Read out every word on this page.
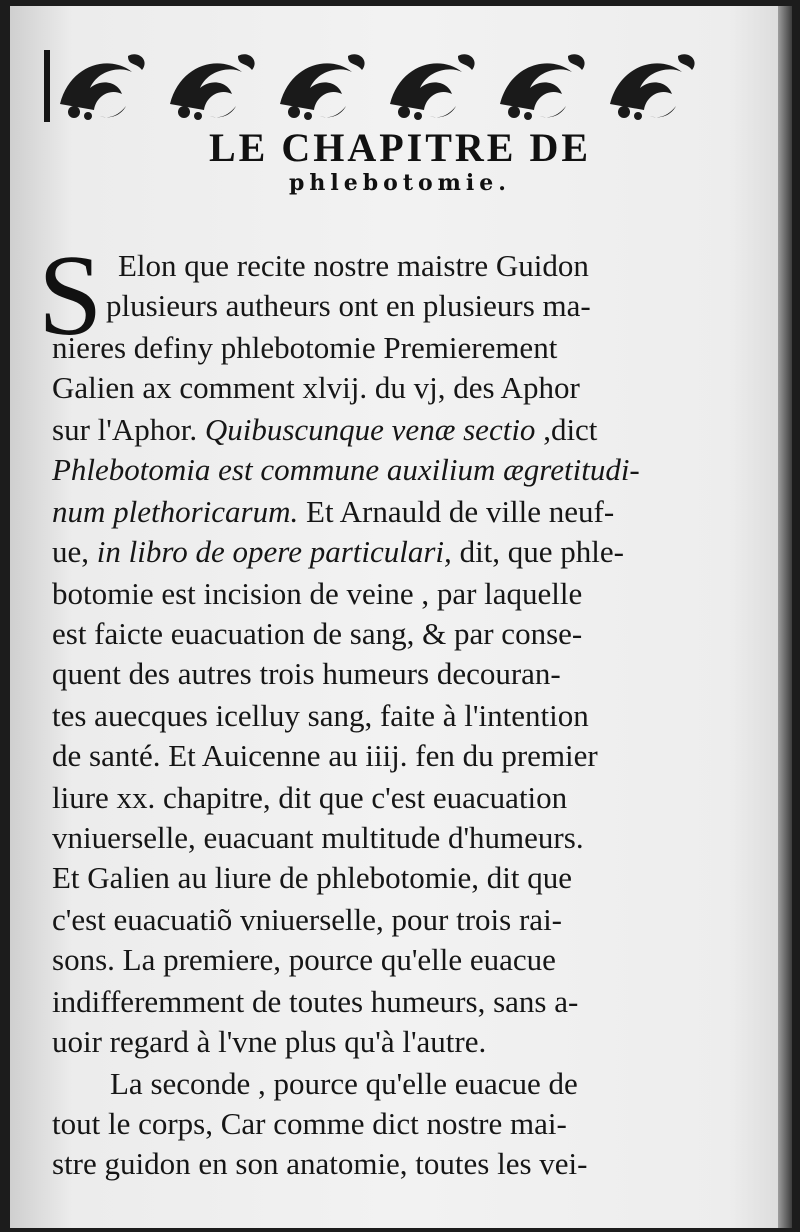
LE CHAPITRE DE
phlebotomie.
S Elon que recite nostre maistre Guidon
plusieurs autheurs ont en plusieurs ma-
nieres definy phlebotomie Premierement
Galien ax comment xlvij. du vj, des Aphor
sur l'Aphor. Quibuscunque venæ sectio ,dict
Phlebotomia est commune auxilium ægretitudi-
num plethoricarum. Et Arnauld de ville neuf-
ue, in libro de opere particulari, dit, que phle-
botomie est incision de veine , par laquelle
est faicte euacuation de sang, & par conse-
quent des autres trois humeurs decouran-
tes auecques icelluy sang, faite à l'intention
de santé. Et Auicenne au iiij. fen du premier
liure xx. chapitre, dit que c'est euacuation
vniuerselle, euacuant multitude d'humeurs.
Et Galien au liure de phlebotomie, dit que
c'est euacuatiõ vniuerselle, pour trois rai-
sons. La premiere, pource qu'elle euacue
indifferemment de toutes humeurs, sans a-
uoir regard à l'vne plus qu'à l'autre.
La seconde , pource qu'elle euacue de
tout le corps, Car comme dict nostre mai-
stre guidon en son anatomie, toutes les vei-
